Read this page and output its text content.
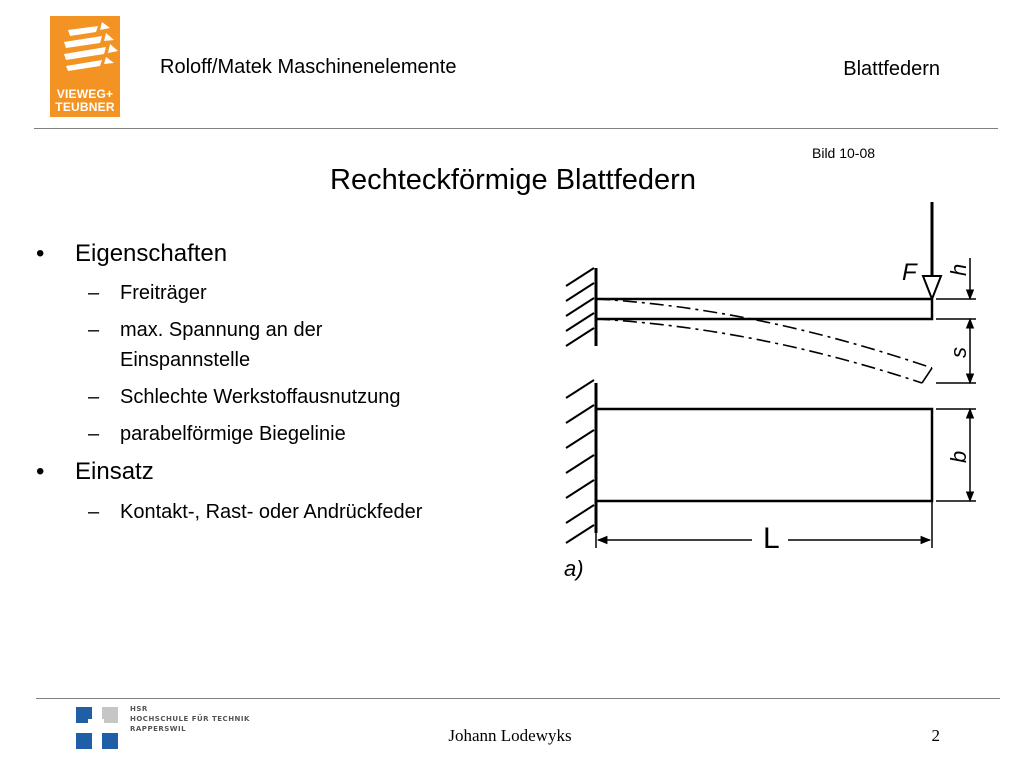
VIEWEG+
TEUBNER
Roloff/Matek Maschinenelemente	Blattfedern
Bild 10-08
Rechteckförmige Blattfedern
• Eigenschaften
– Freiträger
– max. Spannung an der
Einspannstelle
– Schlechte Werkstoffausnutzung
– parabelförmige Biegelinie
• Einsatz
– Kontakt-, Rast- oder Andrückfeder
F h
s
b
a)
L
HSR
HOCHSCHULE FÜR TECHNIK
RAPPERSWIL	Johann Lodewyks	2
